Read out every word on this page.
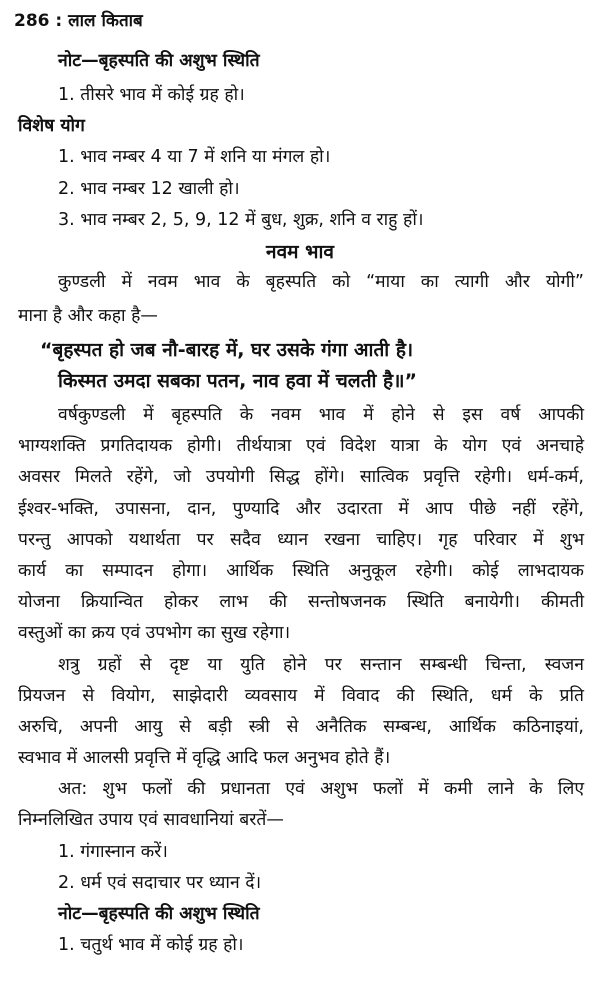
286 : लाल किताब
नोट—बृहस्पति की अशुभ स्थिति
1. तीसरे भाव में कोई ग्रह हो।
विशेष योग
1. भाव नम्बर 4 या 7 में शनि या मंगल हो।
2. भाव नम्बर 12 खाली हो।
3. भाव नम्बर 2, 5, 9, 12 में बुध, शुक्र, शनि व राहु हों।
नवम भाव
कुण्डली में नवम भाव के बृहस्पति को “माया का त्यागी और योगी”
माना है और कहा है—
“बृहस्पत हो जब नौ-बारह में, घर उसके गंगा आती है।
किस्मत उमदा सबका पतन, नाव हवा में चलती है॥”
वर्षकुण्डली में बृहस्पति के नवम भाव में होने से इस वर्ष आपकी
भाग्यशक्ति प्रगतिदायक होगी। तीर्थयात्रा एवं विदेश यात्रा के योग एवं अनचाहे
अवसर मिलते रहेंगे, जो उपयोगी सिद्ध होंगे। सात्विक प्रवृत्ति रहेगी। धर्म-कर्म,
ईश्वर-भक्ति, उपासना, दान, पुण्यादि और उदारता में आप पीछे नहीं रहेंगे,
परन्तु आपको यथार्थता पर सदैव ध्यान रखना चाहिए। गृह परिवार में शुभ
कार्य का सम्पादन होगा। आर्थिक स्थिति अनुकूल रहेगी। कोई लाभदायक
योजना क्रियान्वित होकर लाभ की सन्तोषजनक स्थिति बनायेगी। कीमती
वस्तुओं का क्रय एवं उपभोग का सुख रहेगा।
शत्रु ग्रहों से दृष्ट या युति होने पर सन्तान सम्बन्धी चिन्ता, स्वजन
प्रियजन से वियोग, साझेदारी व्यवसाय में विवाद की स्थिति, धर्म के प्रति
अरुचि, अपनी आयु से बड़ी स्त्री से अनैतिक सम्बन्ध, आर्थिक कठिनाइयां,
स्वभाव में आलसी प्रवृत्ति में वृद्धि आदि फल अनुभव होते हैं।
अत: शुभ फलों की प्रधानता एवं अशुभ फलों में कमी लाने के लिए
निम्नलिखित उपाय एवं सावधानियां बरतें—
1. गंगास्नान करें।
2. धर्म एवं सदाचार पर ध्यान दें।
नोट—बृहस्पति की अशुभ स्थिति
1. चतुर्थ भाव में कोई ग्रह हो।
